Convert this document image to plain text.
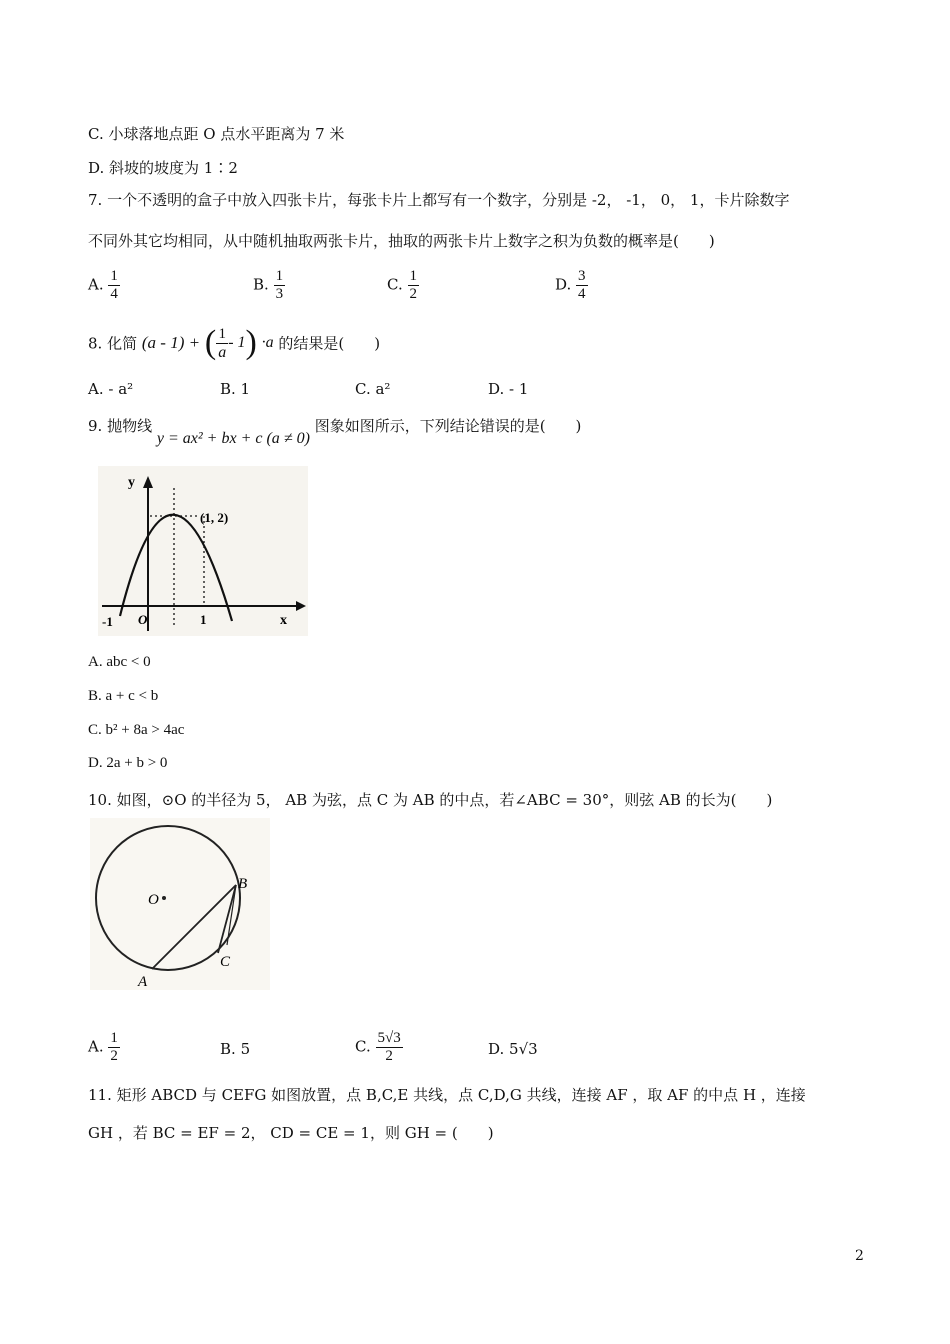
C. 小球落地点距 O 点水平距离为 7 米
D. 斜坡的坡度为 1∶2
7. 一个不透明的盒子中放入四张卡片，每张卡片上都写有一个数字，分别是 -2， -1， 0， 1，卡片除数字
不同外其它均相同，从中随机抽取两张卡片，抽取的两张卡片上数字之积为负数的概率是(　　)
A. $\frac{1}{4}$	B. $\frac{1}{3}$	C. $\frac{1}{2}$	D. $\frac{3}{4}$
8. 化简 (a - 1) + ( $\frac{1}{a} - 1) \cdot a$ 的结果是(　　)
A. - a²	B. 1	C. a²	D. - 1
9. 抛物线 y = ax² + bx + c (a ≠ 0) 图象如图所示，下列结论错误的是(　　)
y
x
(1, 2)
O
-1	1
A. abc < 0
B. a + c < b
C. b² + 8a > 4ac
D. 2a + b > 0
10. 如图，⊙O 的半径为 5， AB 为弦，点 C 为 AB 的中点，若∠ABC = 30°，则弦 AB 的长为(　　)
O
A
B
C
A. $\frac{1}{2}$	B. 5	C. $\frac{5√3}{2}$	D. 5√3
11. 矩形 ABCD 与 CEFG 如图放置，点 B,C,E 共线，点 C,D,G 共线，连接 AF ，取 AF 的中点 H ，连接
GH ，若 BC = EF = 2， CD = CE = 1，则 GH = (　　)
2
